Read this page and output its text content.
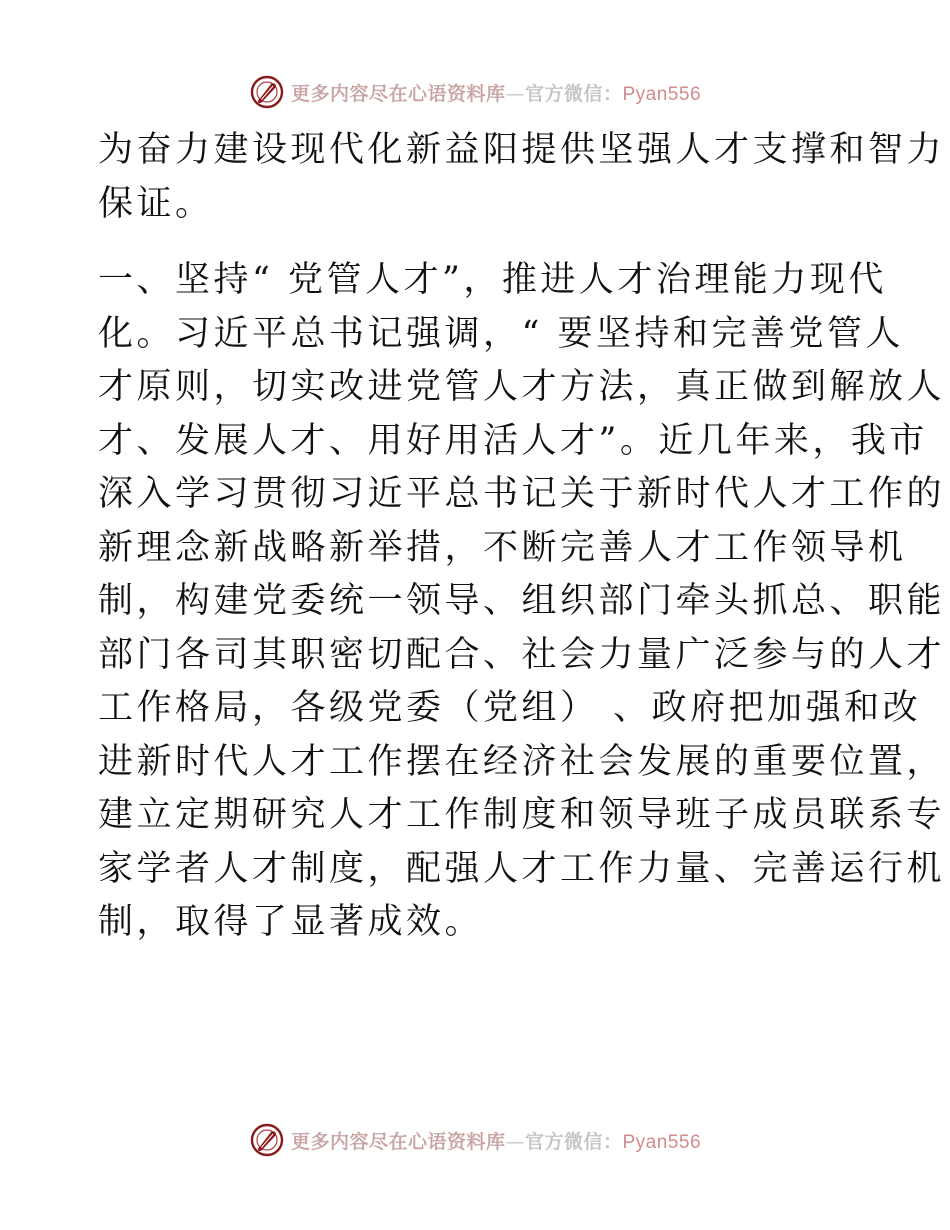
更多内容尽在心语资料库—官方微信：Pyan556

为奋力建设现代化新益阳提供坚强人才支撑和智力

保证。

一、坚持“ 党管人才”，推进人才治理能力现代

化。习近平总书记强调，“ 要坚持和完善党管人

才原则，切实改进党管人才方法，真正做到解放人

才、发展人才、用好用活人才”。近几年来，我市

深入学习贯彻习近平总书记关于新时代人才工作的

新理念新战略新举措，不断完善人才工作领导机

制，构建党委统一领导、组织部门牵头抓总、职能

部门各司其职密切配合、社会力量广泛参与的人才

工作格局，各级党委（党组） 、政府把加强和改

进新时代人才工作摆在经济社会发展的重要位置，

建立定期研究人才工作制度和领导班子成员联系专

家学者人才制度，配强人才工作力量、完善运行机

制，取得了显著成效。

更多内容尽在心语资料库—官方微信：Pyan556
